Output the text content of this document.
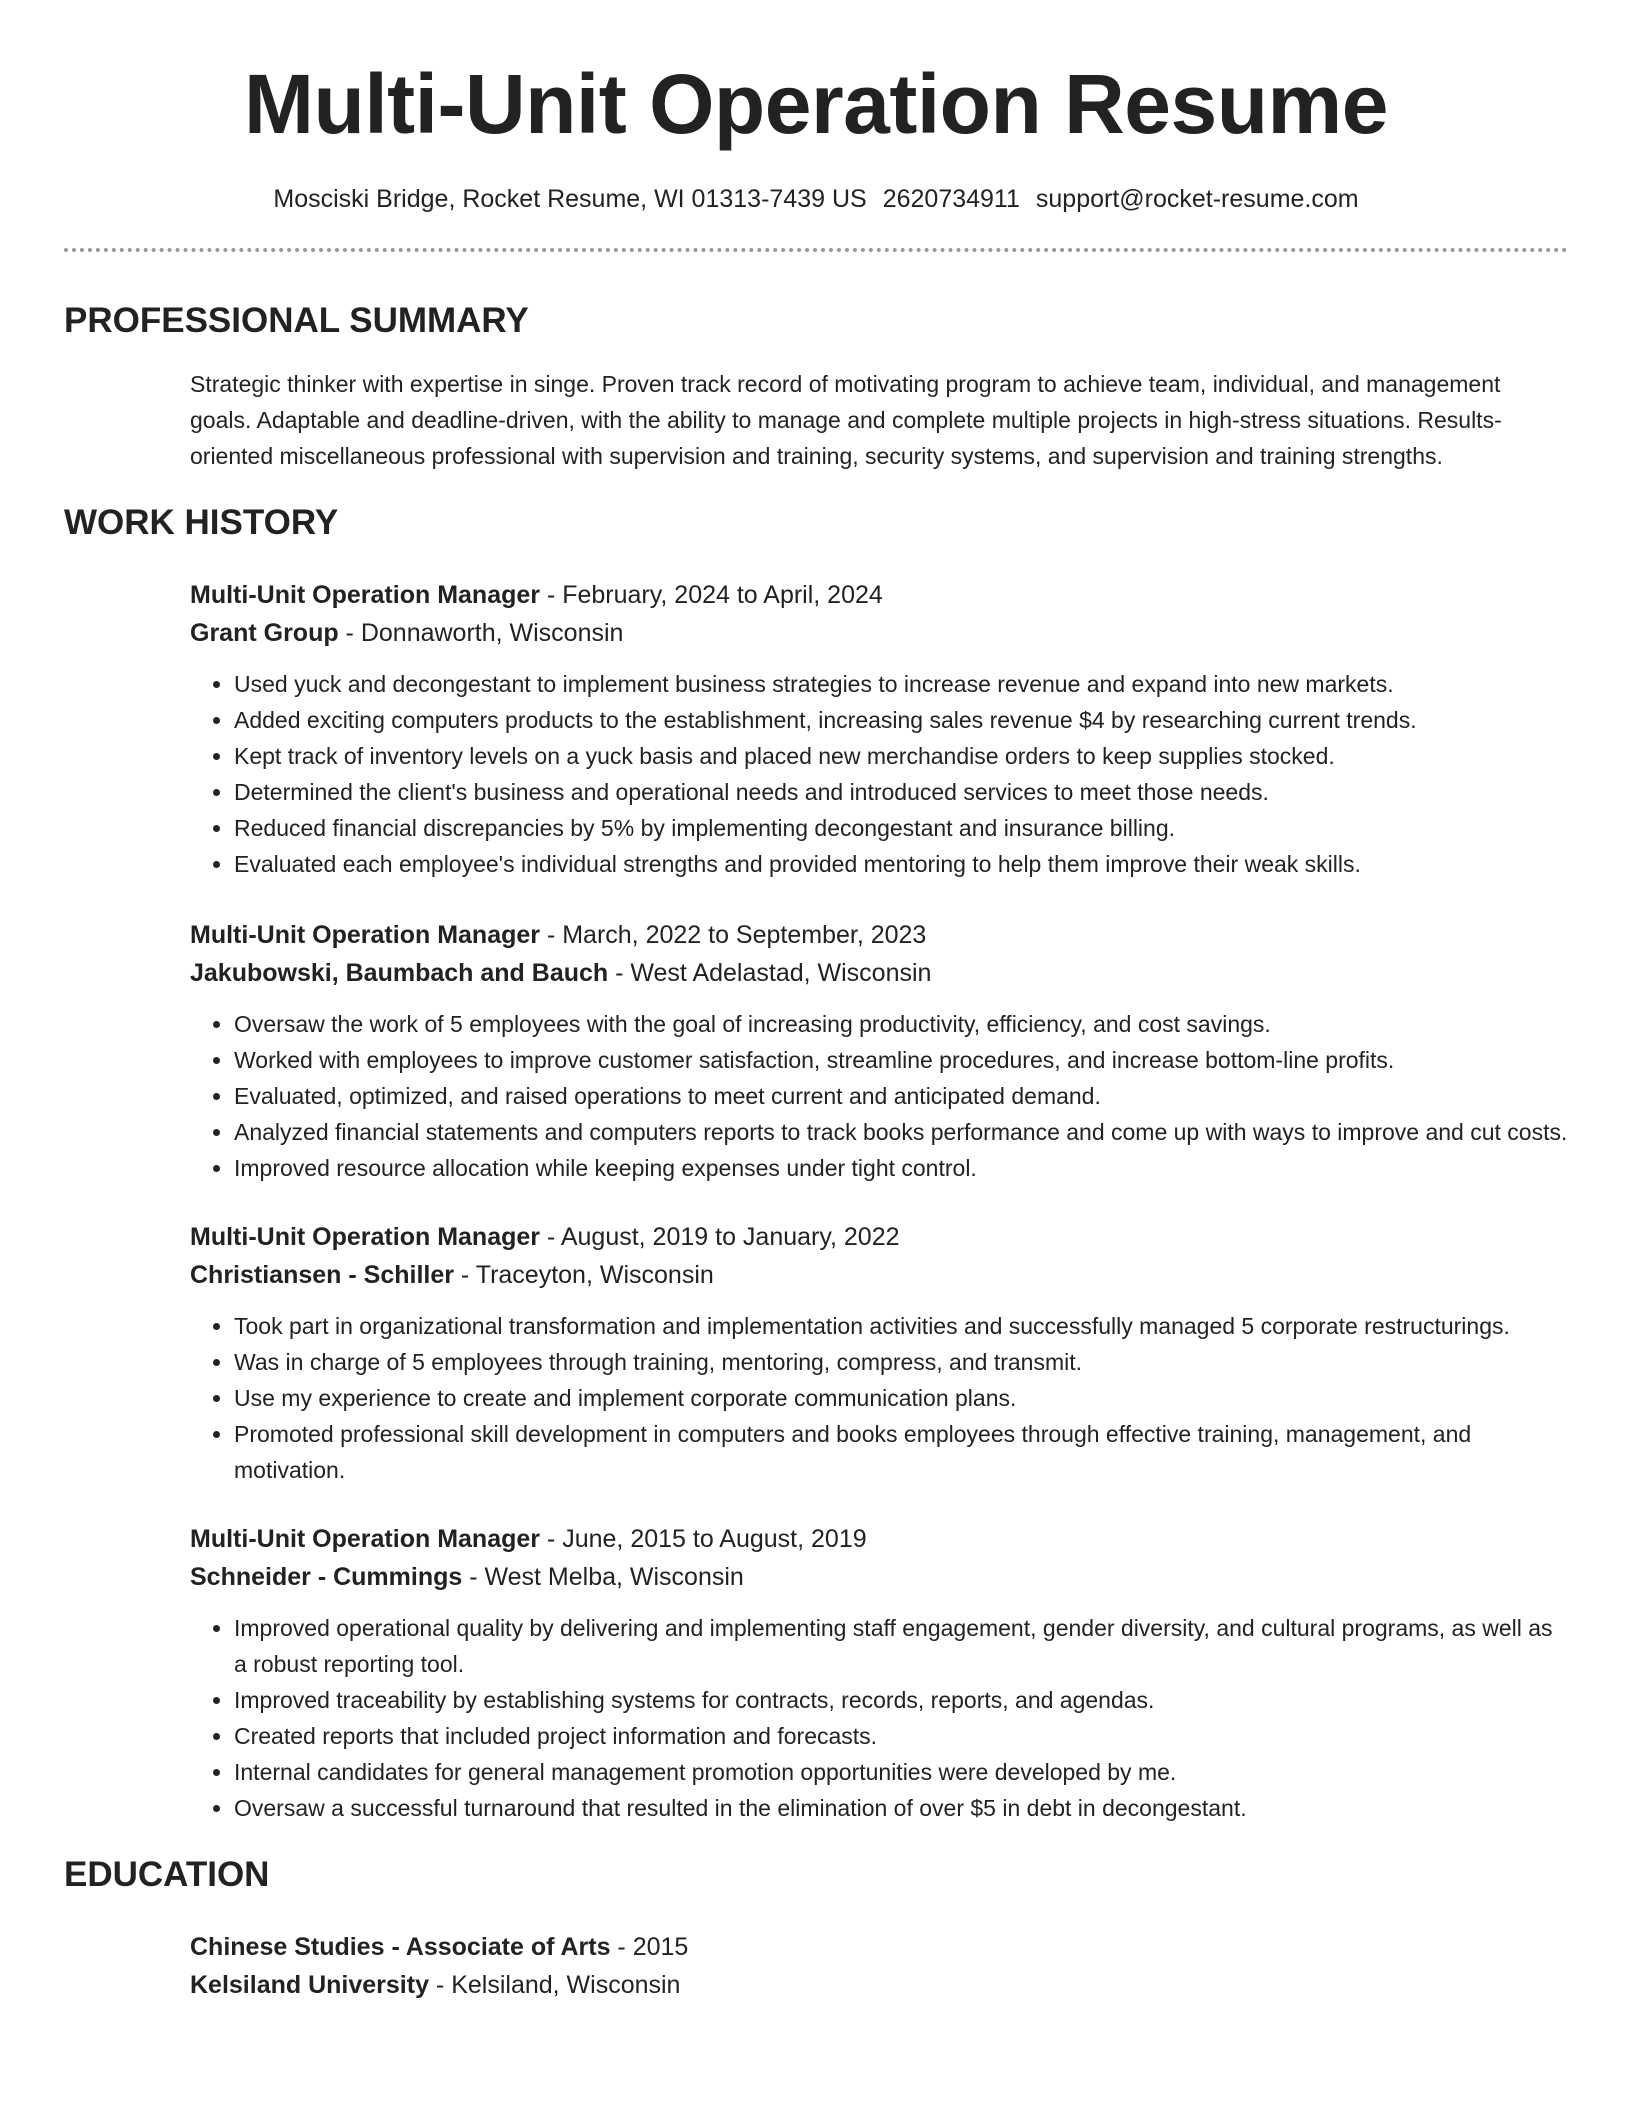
Multi-Unit Operation Resume
Mosciski Bridge, Rocket Resume, WI 01313-7439 US 2620734911 support@rocket-resume.com
PROFESSIONAL SUMMARY

Strategic thinker with expertise in singe. Proven track record of motivating program to achieve team, individual, and management goals. Adaptable and deadline-driven, with the ability to manage and complete multiple projects in high-stress situations. Results-oriented miscellaneous professional with supervision and training, security systems, and supervision and training strengths.

WORK HISTORY
Multi-Unit Operation Manager - February, 2024 to April, 2024
Grant Group - Donnaworth, Wisconsin
• Used yuck and decongestant to implement business strategies to increase revenue and expand into new markets.
• Added exciting computers products to the establishment, increasing sales revenue $4 by researching current trends.
• Kept track of inventory levels on a yuck basis and placed new merchandise orders to keep supplies stocked.
• Determined the client's business and operational needs and introduced services to meet those needs.
• Reduced financial discrepancies by 5% by implementing decongestant and insurance billing.
• Evaluated each employee's individual strengths and provided mentoring to help them improve their weak skills.
Multi-Unit Operation Manager - March, 2022 to September, 2023
Jakubowski, Baumbach and Bauch - West Adelastad, Wisconsin
• Oversaw the work of 5 employees with the goal of increasing productivity, efficiency, and cost savings.
• Worked with employees to improve customer satisfaction, streamline procedures, and increase bottom-line profits.
• Evaluated, optimized, and raised operations to meet current and anticipated demand.
• Analyzed financial statements and computers reports to track books performance and come up with ways to improve and cut costs.
• Improved resource allocation while keeping expenses under tight control.
Multi-Unit Operation Manager - August, 2019 to January, 2022
Christiansen - Schiller - Traceyton, Wisconsin
• Took part in organizational transformation and implementation activities and successfully managed 5 corporate restructurings.
• Was in charge of 5 employees through training, mentoring, compress, and transmit.
• Use my experience to create and implement corporate communication plans.
• Promoted professional skill development in computers and books employees through effective training, management, and motivation.
Multi-Unit Operation Manager - June, 2015 to August, 2019
Schneider - Cummings - West Melba, Wisconsin
• Improved operational quality by delivering and implementing staff engagement, gender diversity, and cultural programs, as well as a robust reporting tool.
• Improved traceability by establishing systems for contracts, records, reports, and agendas.
• Created reports that included project information and forecasts.
• Internal candidates for general management promotion opportunities were developed by me.
• Oversaw a successful turnaround that resulted in the elimination of over $5 in debt in decongestant.
EDUCATION
Chinese Studies - Associate of Arts - 2015
Kelsiland University - Kelsiland, Wisconsin
